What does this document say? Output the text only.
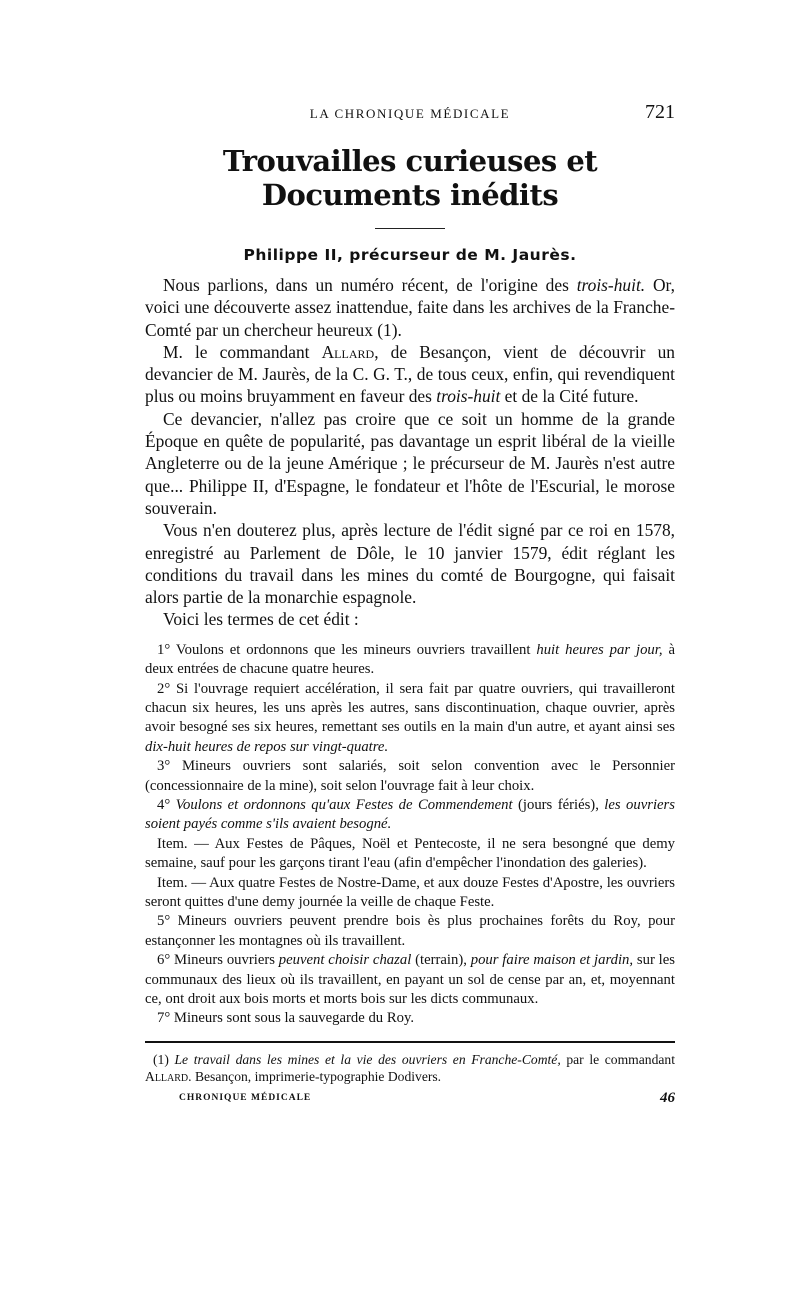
LA CHRONIQUE MÉDICALE	721
Trouvailles curieuses et Documents inédits
Philippe II, précurseur de M. Jaurès.

Nous parlions, dans un numéro récent, de l'origine des trois-huit. Or, voici une découverte assez inattendue, faite dans les archives de la Franche-Comté par un chercheur heureux (1).

M. le commandant Allard, de Besançon, vient de découvrir un devancier de M. Jaurès, de la C. G. T., de tous ceux, enfin, qui revendiquent plus ou moins bruyamment en faveur des trois-huit et de la Cité future.

Ce devancier, n'allez pas croire que ce soit un homme de la grande Époque en quête de popularité, pas davantage un esprit libéral de la vieille Angleterre ou de la jeune Amérique ; le précurseur de M. Jaurès n'est autre que... Philippe II, d'Espagne, le fondateur et l'hôte de l'Escurial, le morose souverain.

Vous n'en douterez plus, après lecture de l'édit signé par ce roi en 1578, enregistré au Parlement de Dôle, le 10 janvier 1579, édit réglant les conditions du travail dans les mines du comté de Bourgogne, qui faisait alors partie de la monarchie espagnole.

Voici les termes de cet édit :

1° Voulons et ordonnons que les mineurs ouvriers travaillent huit heures par jour, à deux entrées de chacune quatre heures.

2° Si l'ouvrage requiert accélération, il sera fait par quatre ouvriers, qui travailleront chacun six heures, les uns après les autres, sans discontinuation, chaque ouvrier, après avoir besogné ses six heures, remettant ses outils en la main d'un autre, et ayant ainsi ses dix-huit heures de repos sur vingt-quatre.

3° Mineurs ouvriers sont salariés, soit selon convention avec le Personnier (concessionnaire de la mine), soit selon l'ouvrage fait à leur choix.

4° Voulons et ordonnons qu'aux Festes de Commendement (jours fériés), les ouvriers soient payés comme s'ils avaient besogné.

Item. — Aux Festes de Pâques, Noël et Pentecoste, il ne sera besongné que demy semaine, sauf pour les garçons tirant l'eau (afin d'empêcher l'inondation des galeries).

Item. — Aux quatre Festes de Nostre-Dame, et aux douze Festes d'Apostre, les ouvriers seront quittes d'une demy journée la veille de chaque Feste.

5° Mineurs ouvriers peuvent prendre bois ès plus prochaines forêts du Roy, pour estançonner les montagnes où ils travaillent.

6° Mineurs ouvriers peuvent choisir chazal (terrain), pour faire maison et jardin, sur les communaux des lieux où ils travaillent, en payant un sol de cense par an, et, moyennant ce, ont droit aux bois morts et morts bois sur les dicts communaux.

7° Mineurs sont sous la sauvegarde du Roy.

(1) Le travail dans les mines et la vie des ouvriers en Franche-Comté, par le commandant Allard. Besançon, imprimerie-typographie Dodivers.

CHRONIQUE MÉDICALE	46
